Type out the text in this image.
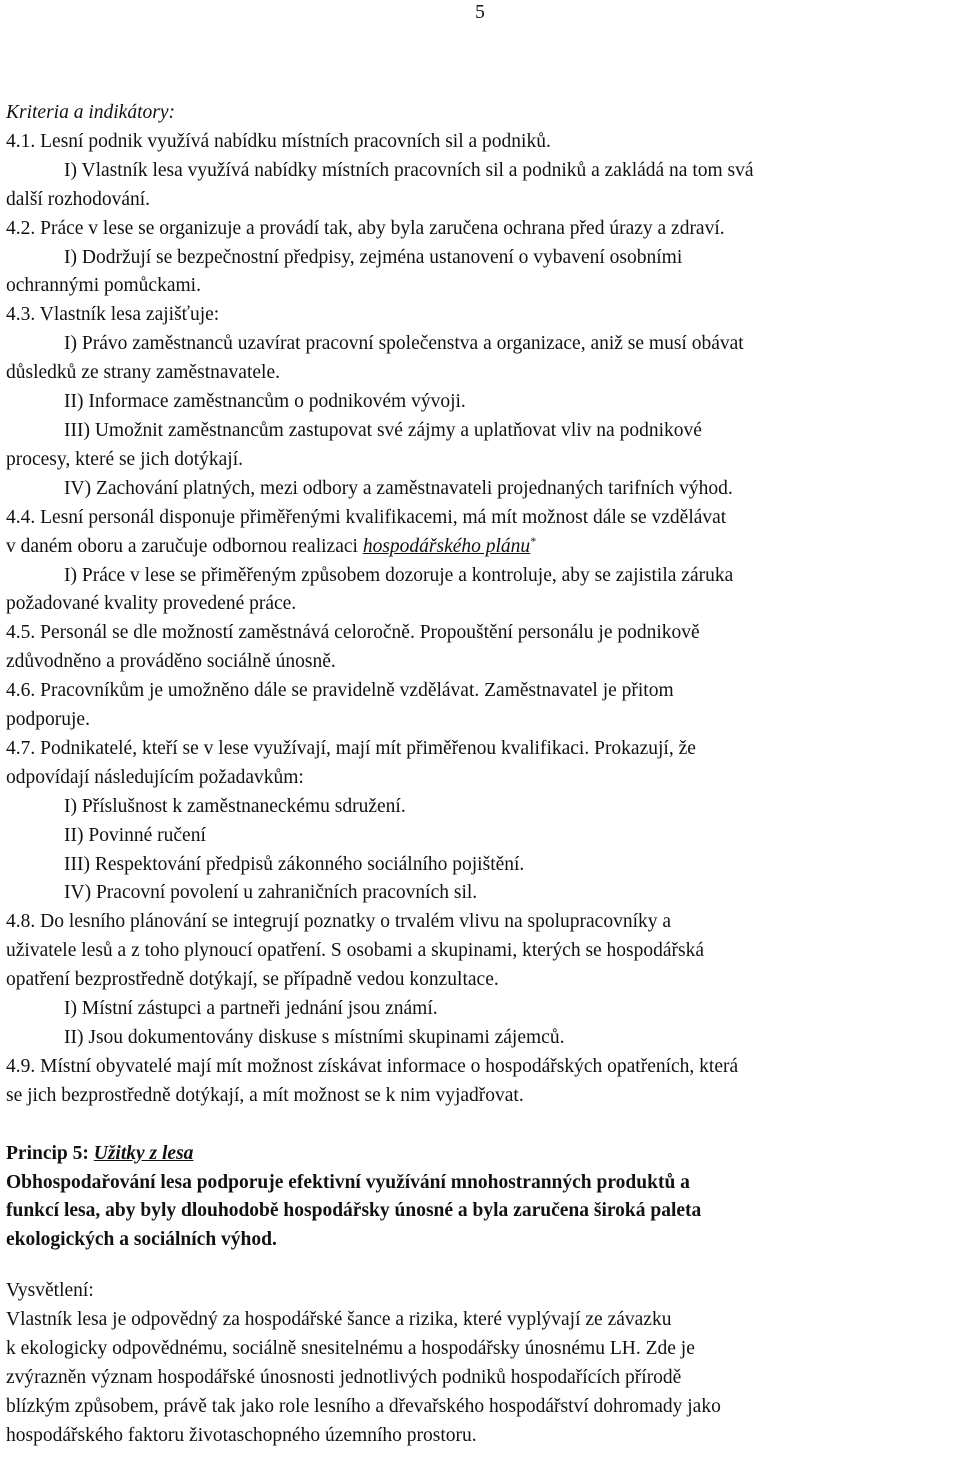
5
Kriteria a indikátory:
4.1. Lesní podnik využívá nabídku místních pracovních sil a podniků.
I) Vlastník lesa využívá nabídky místních pracovních sil a podniků a zakládá na tom svá
další rozhodování.
4.2. Práce v lese se organizuje a provádí tak, aby byla zaručena ochrana před úrazy a zdraví.
I) Dodržují se bezpečnostní předpisy, zejména ustanovení o vybavení osobními
ochrannými pomůckami.
4.3. Vlastník lesa zajišťuje:
I) Právo zaměstnanců uzavírat pracovní společenstva a organizace, aniž se musí obávat
důsledků ze strany zaměstnavatele.
II) Informace zaměstnancům o podnikovém vývoji.
III) Umožnit zaměstnancům zastupovat své zájmy a uplatňovat vliv na podnikové
procesy, které se jich dotýkají.
IV) Zachování platných, mezi odbory a zaměstnavateli projednaných tarifních výhod.
4.4. Lesní personál disponuje přiměřenými kvalifikacemi, má mít možnost dále se vzdělávat
v daném oboru a zaručuje odbornou realizaci hospodářského plánu*
I) Práce v lese se přiměřeným způsobem dozoruje a kontroluje, aby se zajistila záruka
požadované kvality provedené práce.
4.5. Personál se dle možností zaměstnává celoročně. Propouštění personálu je podnikově
zdůvodněno a prováděno sociálně únosně.
4.6. Pracovníkům je umožněno dále se pravidelně vzdělávat. Zaměstnavatel je přitom
podporuje.
4.7. Podnikatelé, kteří se v lese využívají, mají mít přiměřenou kvalifikaci. Prokazují, že
odpovídají následujícím požadavkům:
I) Příslušnost k zaměstnaneckému sdružení.
II) Povinné ručení
III) Respektování předpisů zákonného sociálního pojištění.
IV) Pracovní povolení u zahraničních pracovních sil.
4.8. Do lesního plánování se integrují poznatky o trvalém vlivu na spolupracovníky a
uživatele lesů a z toho plynoucí opatření. S osobami a skupinami, kterých se hospodářská
opatření bezprostředně dotýkají, se případně vedou konzultace.
I) Místní zástupci a partneři jednání jsou známí.
II) Jsou dokumentovány diskuse s místními skupinami zájemců.
4.9. Místní obyvatelé mají mít možnost získávat informace o hospodářských opatřeních, která
se jich bezprostředně dotýkají, a mít možnost se k nim vyjadřovat.
Princip 5: Užitky z lesa
Obhospodařování lesa podporuje efektivní využívání mnohostranných produktů a
funkcí lesa, aby byly dlouhodobě hospodářsky únosné a byla zaručena široká paleta
ekologických a sociálních výhod.
Vysvětlení:
Vlastník lesa je odpovědný za hospodářské šance a rizika, které vyplývají ze závazku
k ekologicky odpovědnému, sociálně snesitelnému a hospodářsky únosnému LH. Zde je
zvýrazněn význam hospodářské únosnosti jednotlivých podniků hospodařících přírodě
blízkým způsobem, právě tak jako role lesního a dřevařského hospodářství dohromady jako
hospodářského faktoru životaschopného územního prostoru.
